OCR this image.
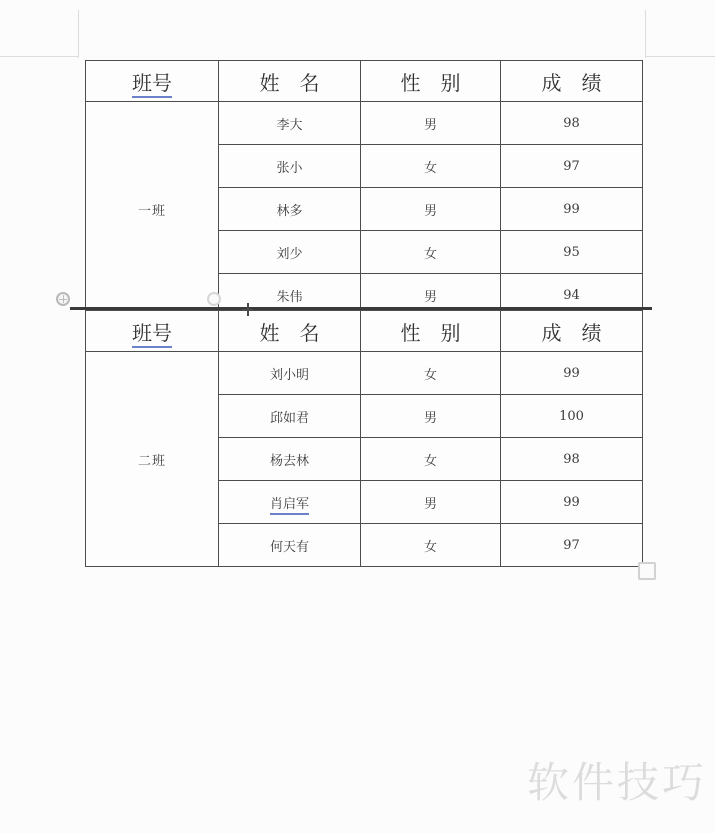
班号	姓　名	性　别	成　绩
一班	李大	男	98
	张小	女	97
	林多	男	99
	刘少	女	95
	朱伟	男	94
班号	姓　名	性　别	成　绩
二班	刘小明	女	99
	邱如君	男	100
	杨去林	女	98
	肖启军	男	99
	何天有	女	97
软件技巧
